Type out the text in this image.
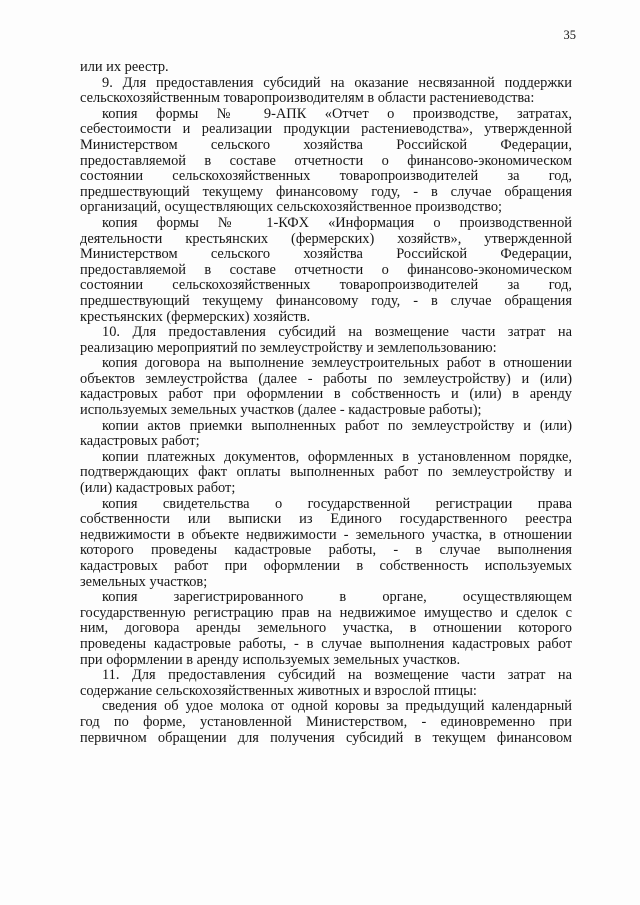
35
или их реестр.
9. Для предоставления субсидий на оказание несвязанной поддержки
сельскохозяйственным товаропроизводителям в области растениеводства:
копия формы № 9-АПК «Отчет о производстве, затратах,
себестоимости и реализации продукции растениеводства», утвержденной
Министерством сельского хозяйства Российской Федерации,
предоставляемой в составе отчетности о финансово-экономическом
состоянии сельскохозяйственных товаропроизводителей за год,
предшествующий текущему финансовому году, - в случае обращения
организаций, осуществляющих сельскохозяйственное производство;
копия формы № 1-КФХ «Информация о производственной
деятельности крестьянских (фермерских) хозяйств», утвержденной
Министерством сельского хозяйства Российской Федерации,
предоставляемой в составе отчетности о финансово-экономическом
состоянии сельскохозяйственных товаропроизводителей за год,
предшествующий текущему финансовому году, - в случае обращения
крестьянских (фермерских) хозяйств.
10. Для предоставления субсидий на возмещение части затрат на
реализацию мероприятий по землеустройству и землепользованию:
копия договора на выполнение землеустроительных работ в отношении
объектов землеустройства (далее - работы по землеустройству) и (или)
кадастровых работ при оформлении в собственность и (или) в аренду
используемых земельных участков (далее - кадастровые работы);
копии актов приемки выполненных работ по землеустройству и (или)
кадастровых работ;
копии платежных документов, оформленных в установленном порядке,
подтверждающих факт оплаты выполненных работ по землеустройству и
(или) кадастровых работ;
копия свидетельства о государственной регистрации права
собственности или выписки из Единого государственного реестра
недвижимости в объекте недвижимости - земельного участка, в отношении
которого проведены кадастровые работы, - в случае выполнения
кадастровых работ при оформлении в собственность используемых
земельных участков;
копия зарегистрированного в органе, осуществляющем
государственную регистрацию прав на недвижимое имущество и сделок с
ним, договора аренды земельного участка, в отношении которого
проведены кадастровые работы, - в случае выполнения кадастровых работ
при оформлении в аренду используемых земельных участков.
11. Для предоставления субсидий на возмещение части затрат на
содержание сельскохозяйственных животных и взрослой птицы:
сведения об удое молока от одной коровы за предыдущий календарный
год по форме, установленной Министерством, - единовременно при
первичном обращении для получения субсидий в текущем финансовом
